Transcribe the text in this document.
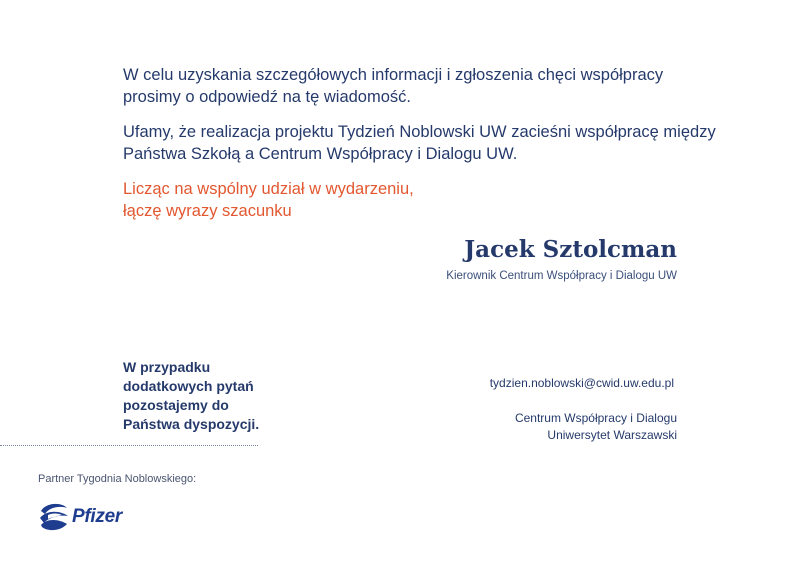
W celu uzyskania szczegółowych informacji i zgłoszenia chęci współpracy prosimy o odpowiedź na tę wiadomość.

Ufamy, że realizacja projektu Tydzień Noblowski UW zacieśni współpracę między Państwa Szkołą a Centrum Współpracy i Dialogu UW.

Licząc na wspólny udział w wydarzeniu,
łączę wyrazy szacunku

Jacek Sztolcman

Kierownik Centrum Współpracy i Dialogu UW

W przypadku
dodatkowych pytań
pozostajemy do
Państwa dyspozycji.

tydzien.noblowski@cwid.uw.edu.pl

Centrum Współpracy i Dialogu
Uniwersytet Warszawski

Partner Tygodnia Noblowskiego:

Pfizer
